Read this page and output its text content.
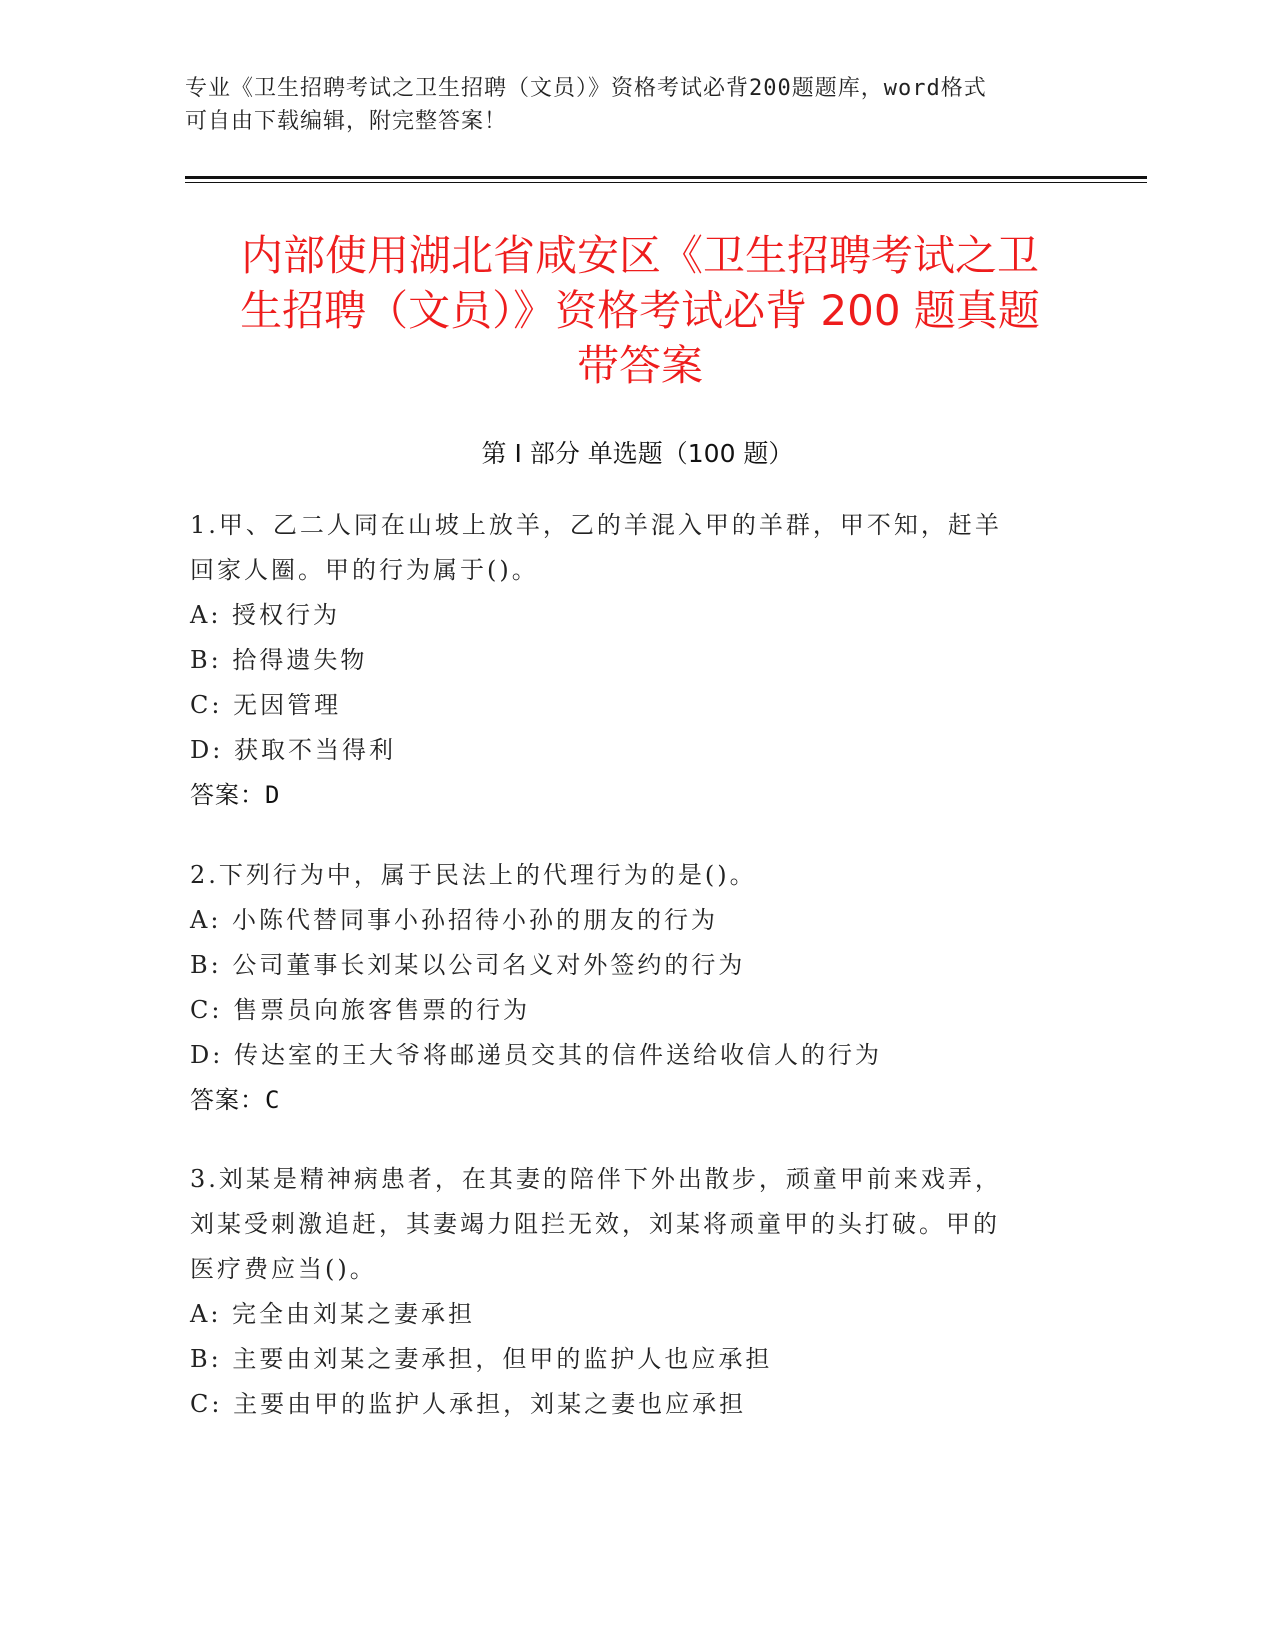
专业《卫生招聘考试之卫生招聘（文员）》资格考试必背200题题库，word格式
可自由下载编辑，附完整答案！
内部使用湖北省咸安区《卫生招聘考试之卫
生招聘（文员）》资格考试必背 200 题真题
带答案
第 I 部分 单选题（100 题）
1.甲、乙二人同在山坡上放羊，乙的羊混入甲的羊群，甲不知，赶羊
回家人圈。甲的行为属于()。
A: 授权行为
B: 拾得遗失物
C: 无因管理
D: 获取不当得利
答案：D
2.下列行为中，属于民法上的代理行为的是()。
A: 小陈代替同事小孙招待小孙的朋友的行为
B: 公司董事长刘某以公司名义对外签约的行为
C: 售票员向旅客售票的行为
D: 传达室的王大爷将邮递员交其的信件送给收信人的行为
答案：C
3.刘某是精神病患者，在其妻的陪伴下外出散步，顽童甲前来戏弄，
刘某受刺激追赶，其妻竭力阻拦无效，刘某将顽童甲的头打破。甲的
医疗费应当()。
A: 完全由刘某之妻承担
B: 主要由刘某之妻承担，但甲的监护人也应承担
C: 主要由甲的监护人承担，刘某之妻也应承担
